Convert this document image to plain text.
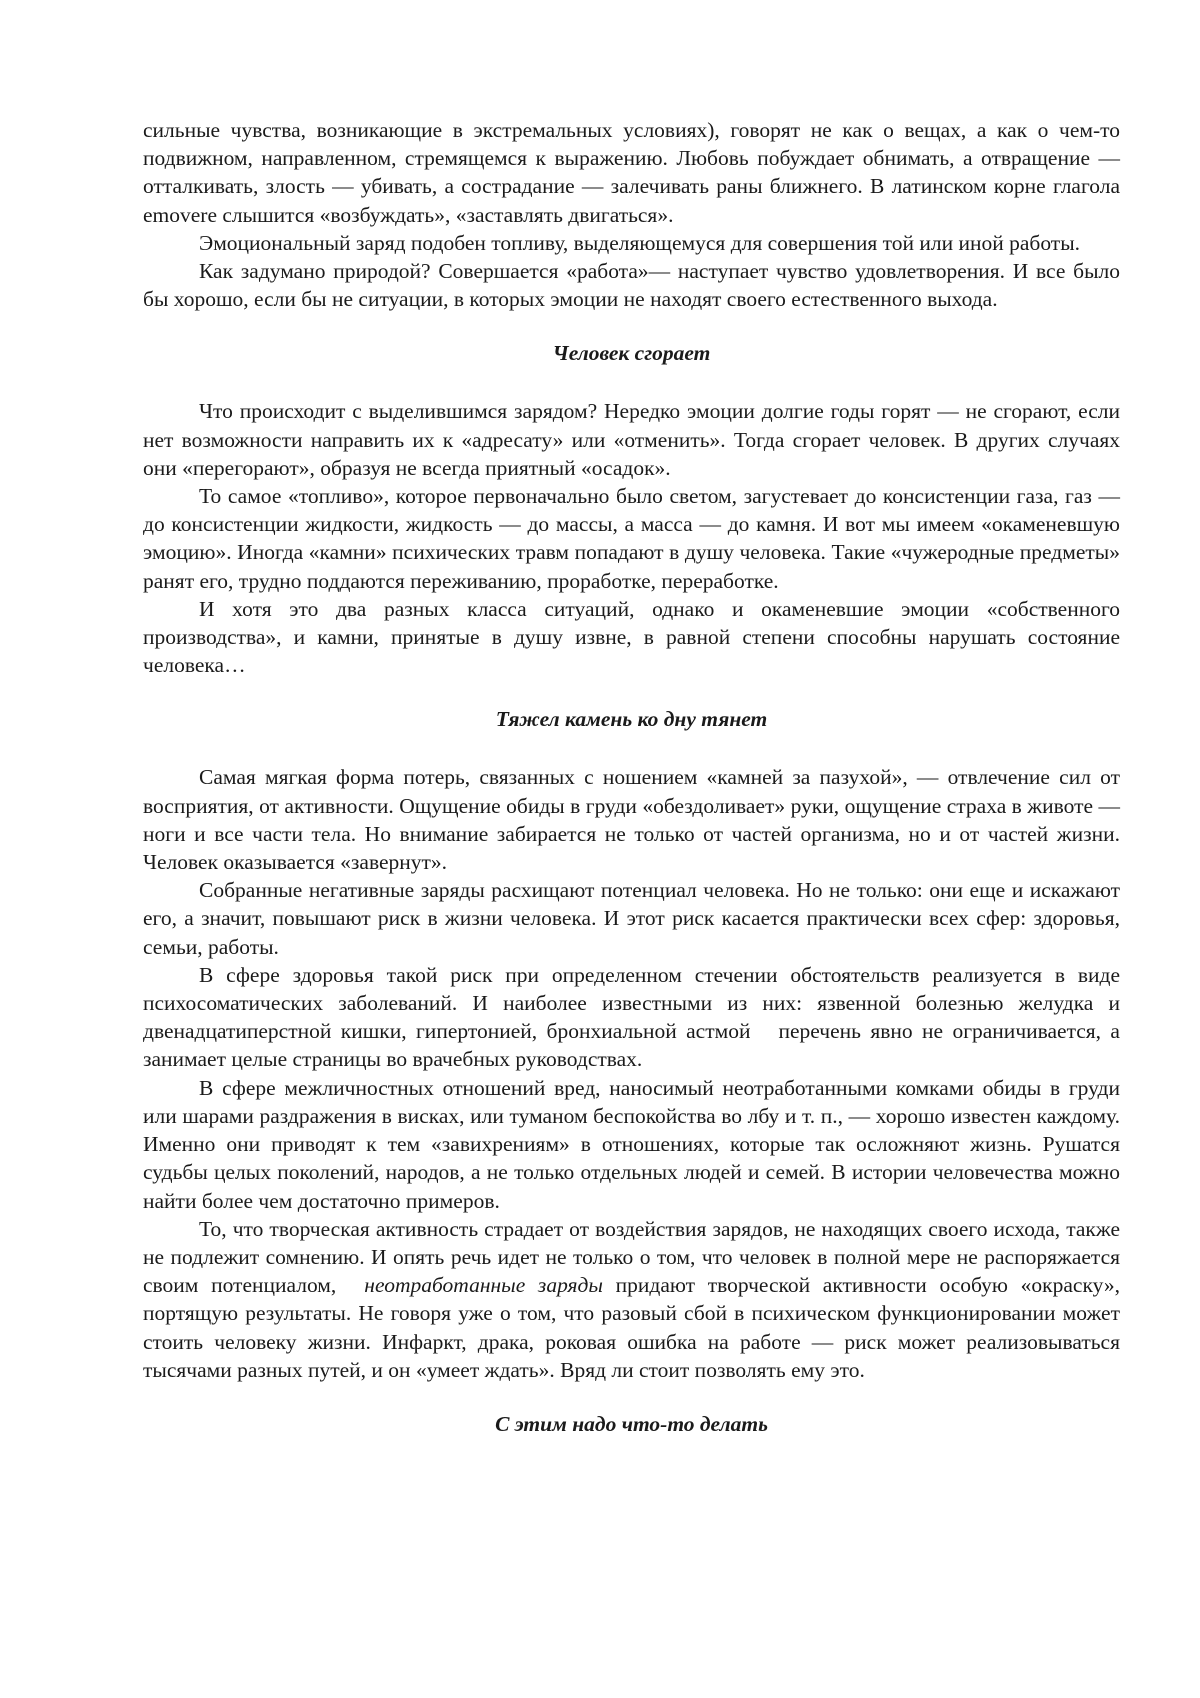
сильные чувства, возникающие в экстремальных условиях), говорят не как о вещах, а как о чем-то подвижном, направленном, стремящемся к выражению. Любовь побуждает обнимать, а отвращение — отталкивать, злость — убивать, а сострадание — залечивать раны ближнего. В латинском корне глагола emovere слышится «возбуждать», «заставлять двигаться».

Эмоциональный заряд подобен топливу, выделяющемуся для совершения той или иной работы.

Как задумано природой? Совершается «работа»— наступает чувство удовлетворения. И все было бы хорошо, если бы не ситуации, в которых эмоции не находят своего естественного выхода.

Человек сгорает

Что происходит с выделившимся зарядом? Нередко эмоции долгие годы горят — не сгорают, если нет возможности направить их к «адресату» или «отменить». Тогда сгорает человек. В других случаях они «перегорают», образуя не всегда приятный «осадок».

То самое «топливо», которое первоначально было светом, загустевает до консистенции газа, газ — до консистенции жидкости, жидкость — до массы, а масса — до камня. И вот мы имеем «окаменевшую эмоцию». Иногда «камни» психических травм попадают в душу человека. Такие «чужеродные предметы» ранят его, трудно поддаются переживанию, проработке, переработке.

И хотя это два разных класса ситуаций, однако и окаменевшие эмоции «собственного производства», и камни, принятые в душу извне, в равной степени способны нарушать состояние человека…

Тяжел камень ко дну тянет

Самая мягкая форма потерь, связанных с ношением «камней за пазухой», — отвлечение сил от восприятия, от активности. Ощущение обиды в груди «обездоливает» руки, ощущение страха в животе — ноги и все части тела. Но внимание забирается не только от частей организма, но и от частей жизни. Человек оказывается «завернут».

Собранные негативные заряды расхищают потенциал человека. Но не только: они еще и искажают его, а значит, повышают риск в жизни человека. И этот риск касается практически всех сфер: здоровья, семьи, работы.

В сфере здоровья такой риск при определенном стечении обстоятельств реализуется в виде психосоматических заболеваний. И наиболее известными из них: язвенной болезнью желудка и двенадцатиперстной кишки, гипертонией, бронхиальной астмой перечень явно не ограничивается, а занимает целые страницы во врачебных руководствах.

В сфере межличностных отношений вред, наносимый неотработанными комками обиды в груди или шарами раздражения в висках, или туманом беспокойства во лбу и т. п., — хорошо известен каждому. Именно они приводят к тем «завихрениям» в отношениях, которые так осложняют жизнь. Рушатся судьбы целых поколений, народов, а не только отдельных людей и семей. В истории человечества можно найти более чем достаточно примеров.

То, что творческая активность страдает от воздействия зарядов, не находящих своего исхода, также не подлежит сомнению. И опять речь идет не только о том, что человек в полной мере не распоряжается своим потенциалом, неотработанные заряды придают творческой активности особую «окраску», портящую результаты. Не говоря уже о том, что разовый сбой в психическом функционировании может стоить человеку жизни. Инфаркт, драка, роковая ошибка на работе — риск может реализовываться тысячами разных путей, и он «умеет ждать». Вряд ли стоит позволять ему это.

С этим надо что-то делать
